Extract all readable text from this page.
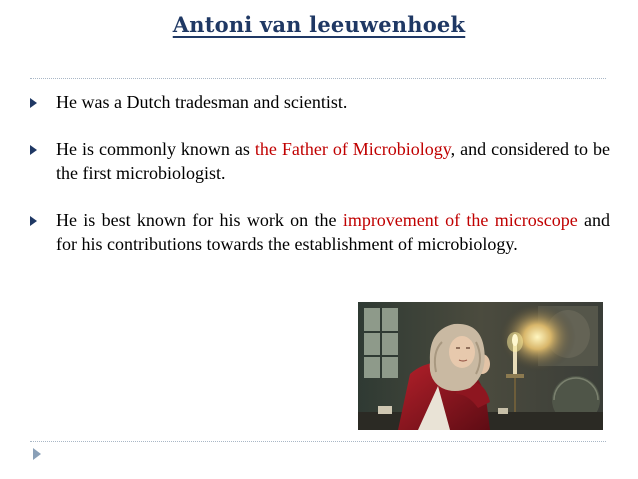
Antoni van leeuwenhoek
He was a Dutch tradesman and scientist.
He is commonly known as the Father of Microbiology, and considered to be the first microbiologist.
He is best known for his work on the improvement of the microscope and for his contributions towards the establishment of microbiology.
